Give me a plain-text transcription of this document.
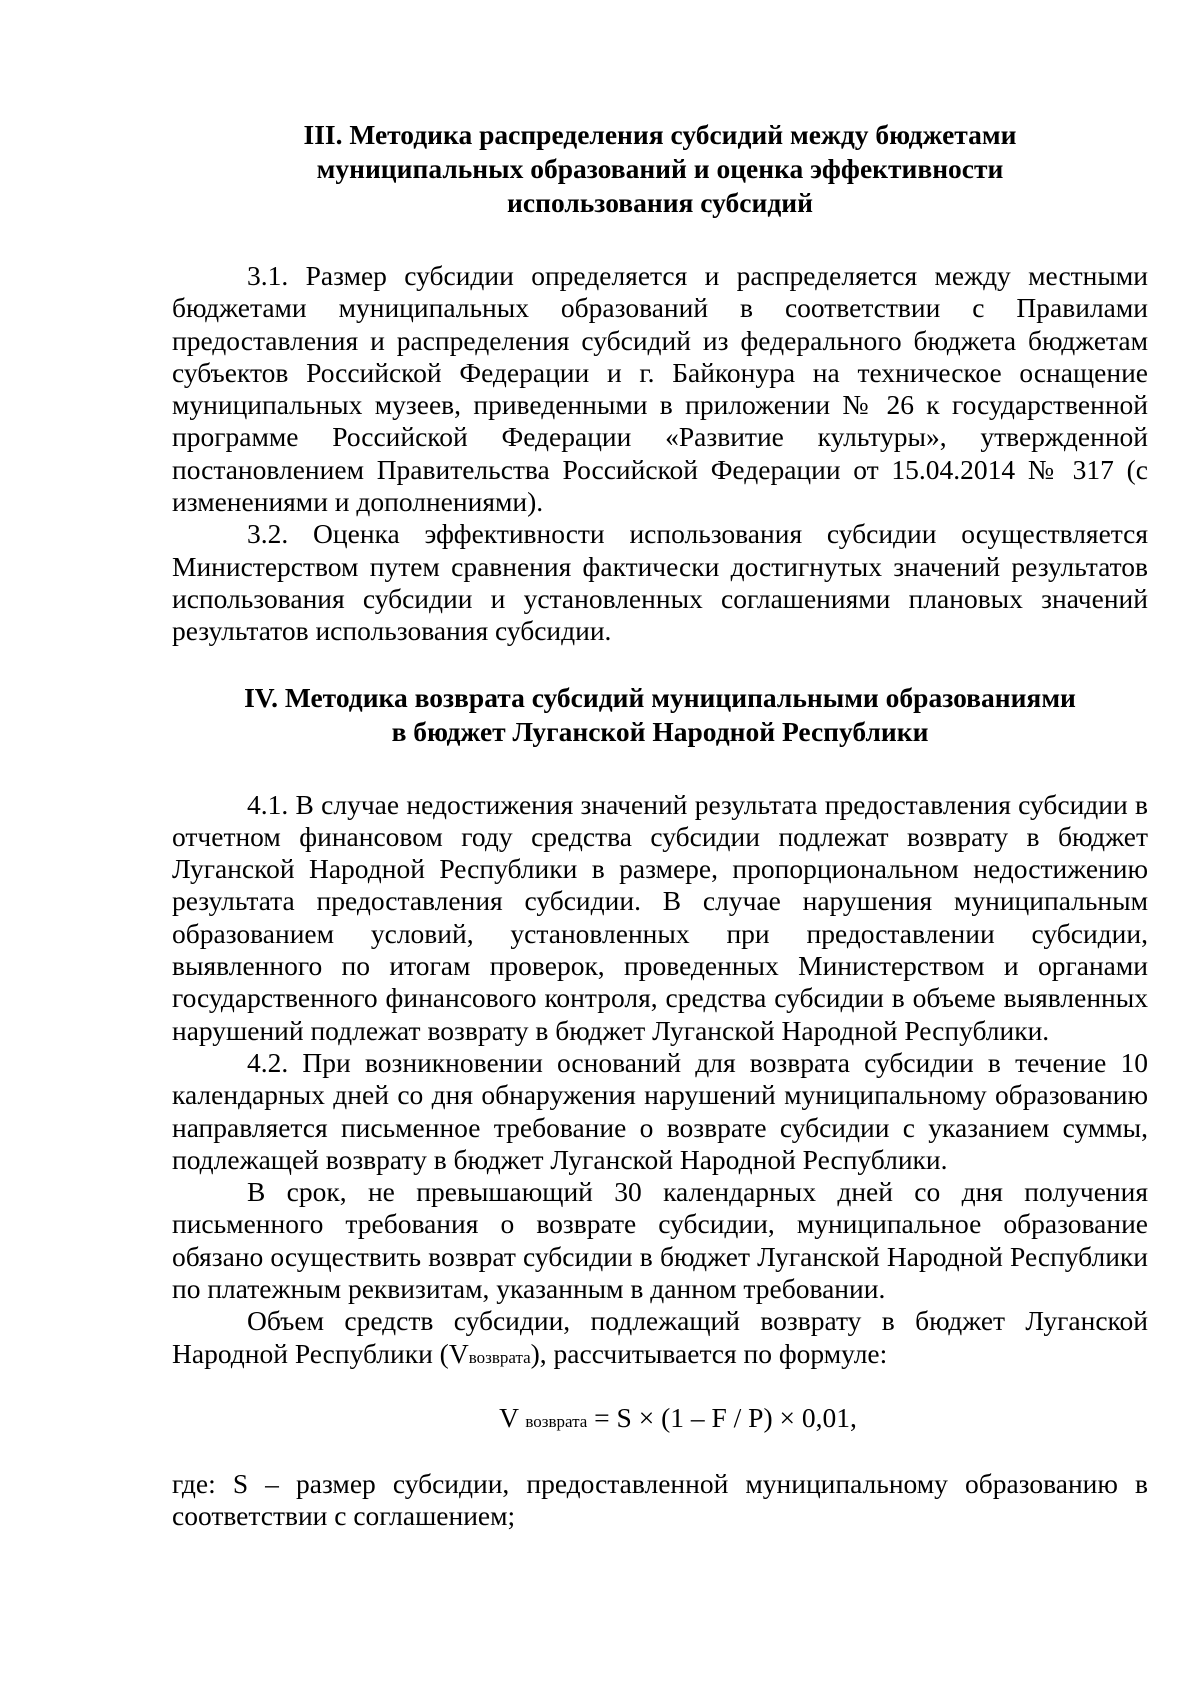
III. Методика распределения субсидий между бюджетами
муниципальных образований и оценка эффективности
использования субсидий

3.1. Размер субсидии определяется и распределяется между местными бюджетами муниципальных образований в соответствии с Правилами предоставления и распределения субсидий из федерального бюджета бюджетам субъектов Российской Федерации и г. Байконура на техническое оснащение муниципальных музеев, приведенными в приложении № 26 к государственной программе Российской Федерации «Развитие культуры», утвержденной постановлением Правительства Российской Федерации от 15.04.2014 № 317 (с изменениями и дополнениями).

3.2. Оценка эффективности использования субсидии осуществляется Министерством путем сравнения фактически достигнутых значений результатов использования субсидии и установленных соглашениями плановых значений результатов использования субсидии.

IV. Методика возврата субсидий муниципальными образованиями
в бюджет Луганской Народной Республики

4.1. В случае недостижения значений результата предоставления субсидии в отчетном финансовом году средства субсидии подлежат возврату в бюджет Луганской Народной Республики в размере, пропорциональном недостижению результата предоставления субсидии. В случае нарушения муниципальным образованием условий, установленных при предоставлении субсидии, выявленного по итогам проверок, проведенных Министерством и органами государственного финансового контроля, средства субсидии в объеме выявленных нарушений подлежат возврату в бюджет Луганской Народной Республики.

4.2. При возникновении оснований для возврата субсидии в течение 10 календарных дней со дня обнаружения нарушений муниципальному образованию направляется письменное требование о возврате субсидии с указанием суммы, подлежащей возврату в бюджет Луганской Народной Республики.

В срок, не превышающий 30 календарных дней со дня получения письменного требования о возврате субсидии, муниципальное образование обязано осуществить возврат субсидии в бюджет Луганской Народной Республики по платежным реквизитам, указанным в данном требовании.

Объем средств субсидии, подлежащий возврату в бюджет Луганской Народной Республики (Vвозврата), рассчитывается по формуле:

V возврата = S × (1 – F / P) × 0,01,

где: S – размер субсидии, предоставленной муниципальному образованию в соответствии с соглашением;
